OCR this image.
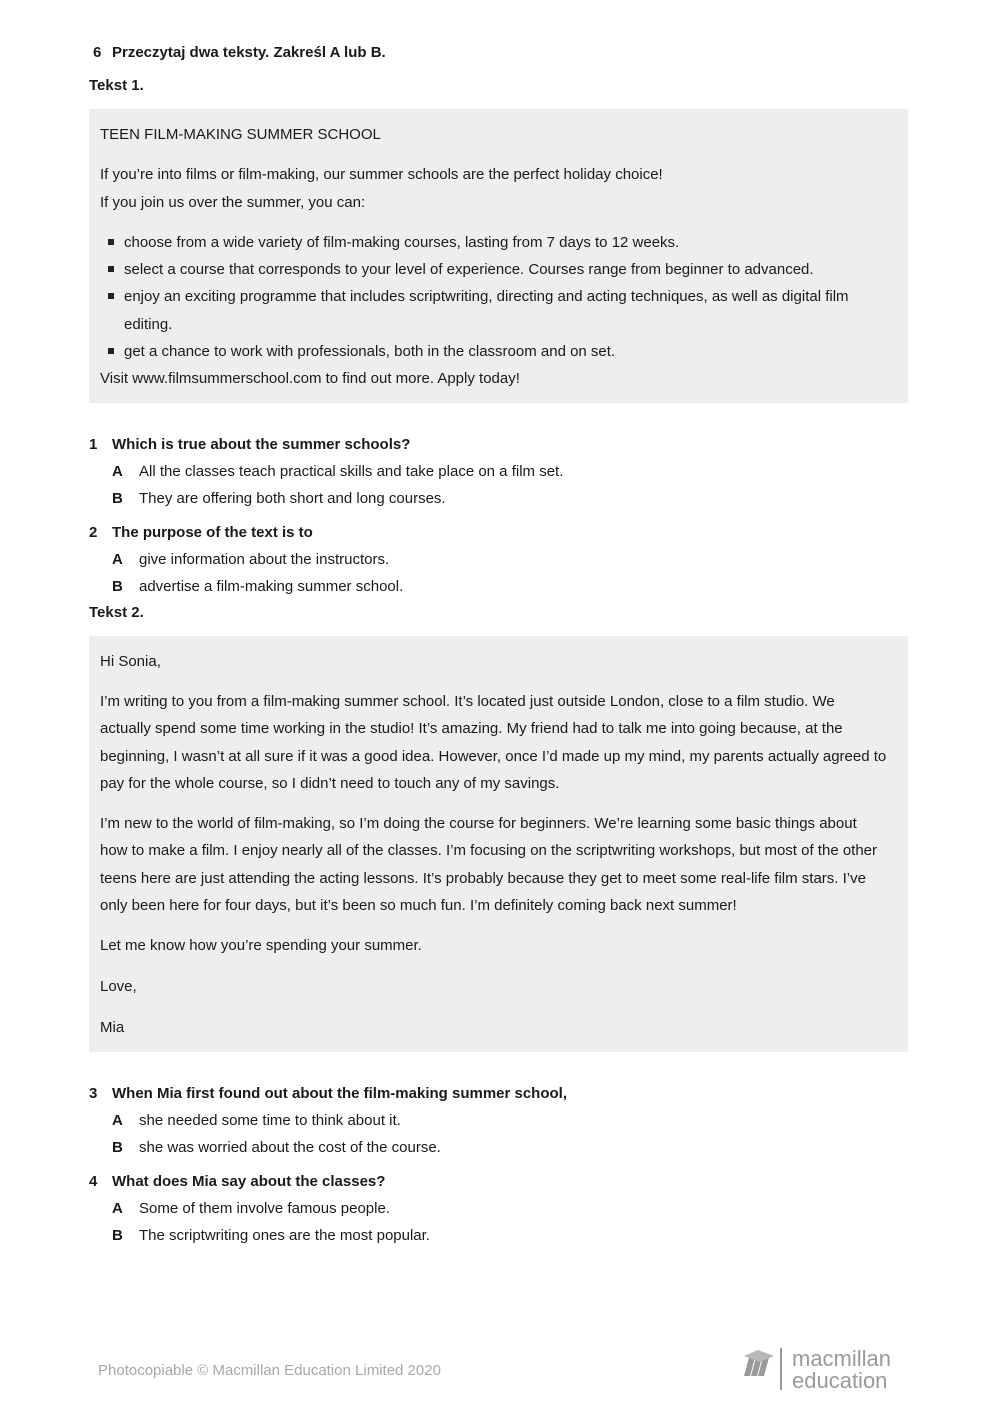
6 Przeczytaj dwa teksty. Zakreśl A lub B.
Tekst 1.
TEEN FILM-MAKING SUMMER SCHOOL
If you’re into films or film-making, our summer schools are the perfect holiday choice!
If you join us over the summer, you can:
choose from a wide variety of film-making courses, lasting from 7 days to 12 weeks.
select a course that corresponds to your level of experience. Courses range from beginner to advanced.
enjoy an exciting programme that includes scriptwriting, directing and acting techniques, as well as digital film
editing.
get a chance to work with professionals, both in the classroom and on set.
Visit www.filmsummerschool.com to find out more. Apply today!
1 Which is true about the summer schools?
A All the classes teach practical skills and take place on a film set.
B They are offering both short and long courses.
2 The purpose of the text is to
A give information about the instructors.
B advertise a film-making summer school.
Tekst 2.
Hi Sonia,
I’m writing to you from a film-making summer school. It’s located just outside London, close to a film studio. We
actually spend some time working in the studio! It’s amazing. My friend had to talk me into going because, at the
beginning, I wasn’t at all sure if it was a good idea. However, once I’d made up my mind, my parents actually agreed to
pay for the whole course, so I didn’t need to touch any of my savings.
I’m new to the world of film-making, so I’m doing the course for beginners. We’re learning some basic things about
how to make a film. I enjoy nearly all of the classes. I’m focusing on the scriptwriting workshops, but most of the other
teens here are just attending the acting lessons. It’s probably because they get to meet some real-life film stars. I’ve
only been here for four days, but it’s been so much fun. I’m definitely coming back next summer!
Let me know how you’re spending your summer.
Love,
Mia
3 When Mia first found out about the film-making summer school,
A she needed some time to think about it.
B she was worried about the cost of the course.
4 What does Mia say about the classes?
A Some of them involve famous people.
B The scriptwriting ones are the most popular.
Photocopiable © Macmillan Education Limited 2020	macmillan
education
